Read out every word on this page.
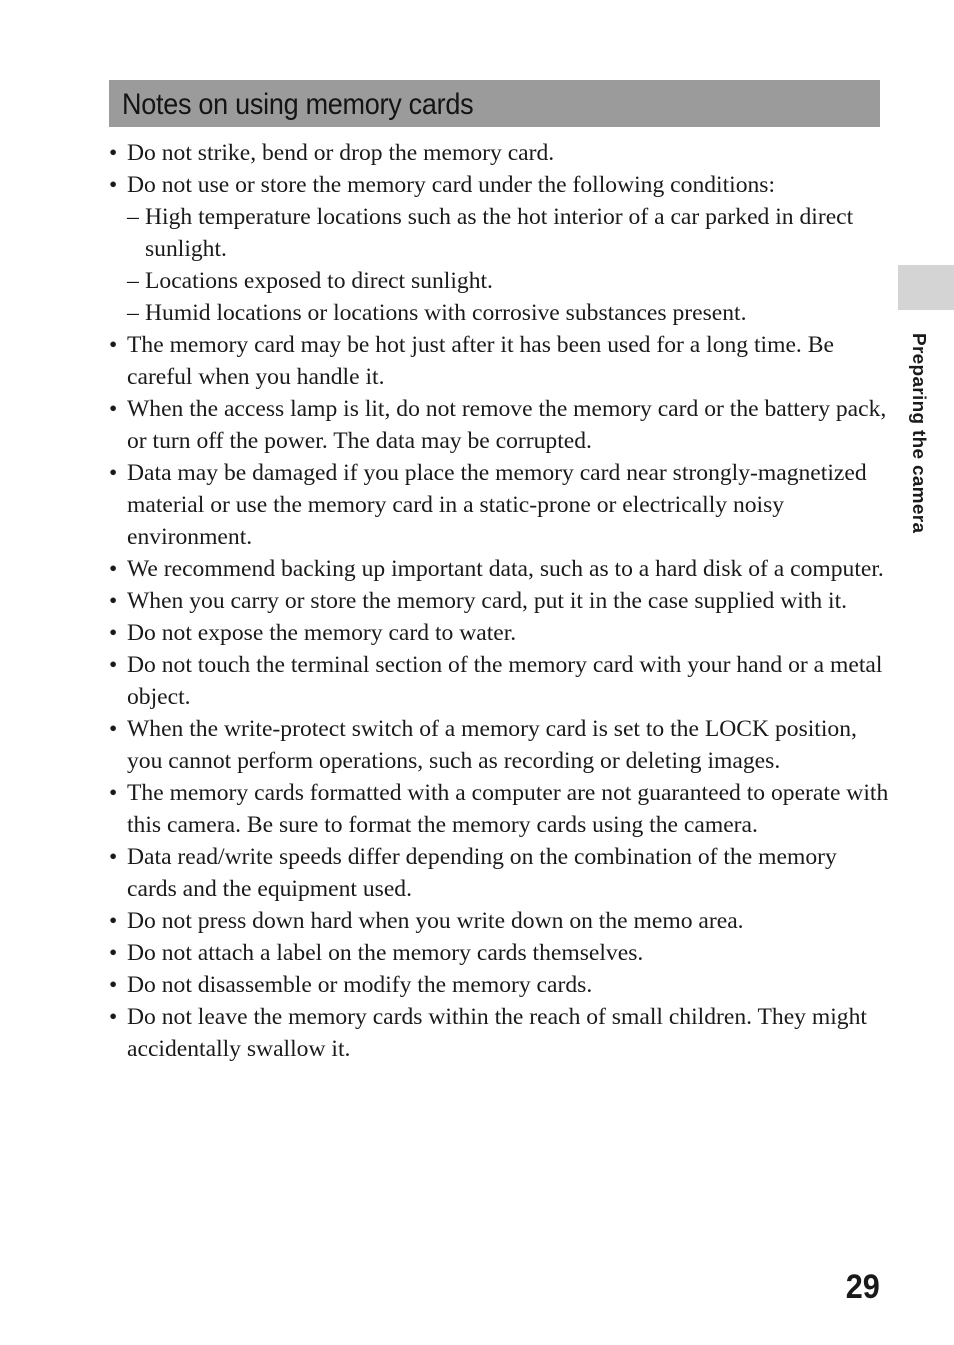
Notes on using memory cards
• Do not strike, bend or drop the memory card.
• Do not use or store the memory card under the following conditions:
– High temperature locations such as the hot interior of a car parked in direct sunlight.
– Locations exposed to direct sunlight.
– Humid locations or locations with corrosive substances present.
• The memory card may be hot just after it has been used for a long time. Be careful when you handle it.
• When the access lamp is lit, do not remove the memory card or the battery pack, or turn off the power. The data may be corrupted.
• Data may be damaged if you place the memory card near strongly-magnetized material or use the memory card in a static-prone or electrically noisy environment.
• We recommend backing up important data, such as to a hard disk of a computer.
• When you carry or store the memory card, put it in the case supplied with it.
• Do not expose the memory card to water.
• Do not touch the terminal section of the memory card with your hand or a metal object.
• When the write-protect switch of a memory card is set to the LOCK position, you cannot perform operations, such as recording or deleting images.
• The memory cards formatted with a computer are not guaranteed to operate with this camera. Be sure to format the memory cards using the camera.
• Data read/write speeds differ depending on the combination of the memory cards and the equipment used.
• Do not press down hard when you write down on the memo area.
• Do not attach a label on the memory cards themselves.
• Do not disassemble or modify the memory cards.
• Do not leave the memory cards within the reach of small children. They might accidentally swallow it.
Preparing the camera
29
